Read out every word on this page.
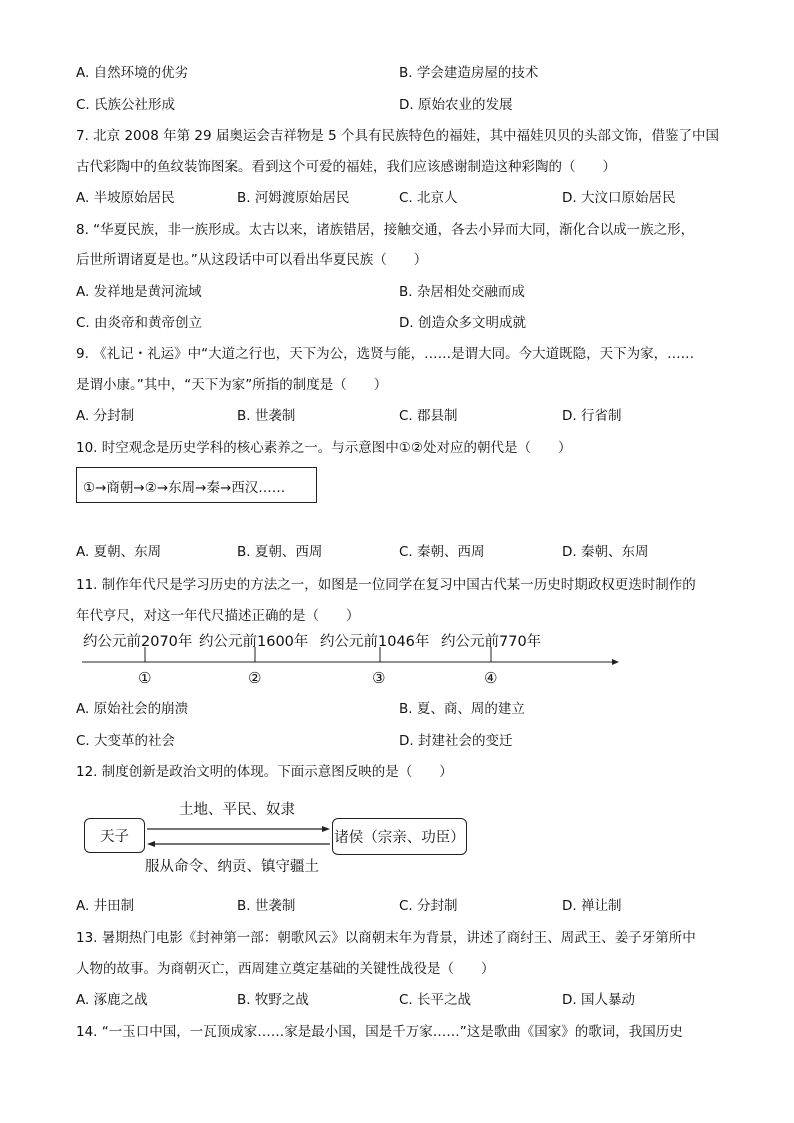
A. 自然环境的优劣	B. 学会建造房屋的技术
C. 氏族公社形成	D. 原始农业的发展
7. 北京 2008 年第 29 届奥运会吉祥物是 5 个具有民族特色的福娃，其中福娃贝贝的头部文饰，借鉴了中国
古代彩陶中的鱼纹装饰图案。看到这个可爱的福娃，我们应该感谢制造这种彩陶的（　　）
A. 半坡原始居民	B. 河姆渡原始居民	C. 北京人	D. 大汶口原始居民
8. “华夏民族，非一族形成。太古以来，诸族错居，接触交通，各去小异而大同，渐化合以成一族之形，
后世所谓诸夏是也。”从这段话中可以看出华夏民族（　　）
A. 发祥地是黄河流域	B. 杂居相处交融而成
C. 由炎帝和黄帝创立	D. 创造众多文明成就
9. 《礼记・礼运》中“大道之行也，天下为公，选贤与能，……是谓大同。今大道既隐，天下为家，……
是谓小康。”其中，“天下为家”所指的制度是（　　）
A. 分封制	B. 世袭制	C. 郡县制	D. 行省制
10. 时空观念是历史学科的核心素养之一。与示意图中①②处对应的朝代是（　　）
①→商朝→②→东周→秦→西汉……
A. 夏朝、东周	B. 夏朝、西周	C. 秦朝、西周	D. 秦朝、东周
11. 制作年代尺是学习历史的方法之一，如图是一位同学在复习中国古代某一历史时期政权更迭时制作的
年代亨尺，对这一年代尺描述正确的是（　　）
约公元前2070年 约公元前1600年 约公元前1046年 约公元前770年
①	②	③	④
A. 原始社会的崩溃	B. 夏、商、周的建立
C. 大变革的社会	D. 封建社会的变迁
12. 制度创新是政治文明的体现。下面示意图反映的是（　　）
土地、平民、奴隶
天子	诸侯（宗亲、功臣）
服从命令、纳贡、镇守疆土
A. 井田制	B. 世袭制	C. 分封制	D. 禅让制
13. 暑期热门电影《封神第一部：朝歌风云》以商朝末年为背景，讲述了商纣王、周武王、姜子牙第所中
人物的故事。为商朝灭亡，西周建立奠定基础的关键性战役是（　　）
A. 涿鹿之战	B. 牧野之战	C. 长平之战	D. 国人暴动
14. “一玉口中国，一瓦顶成家……家是最小国，国是千万家……”这是歌曲《国家》的歌词，我国历史
